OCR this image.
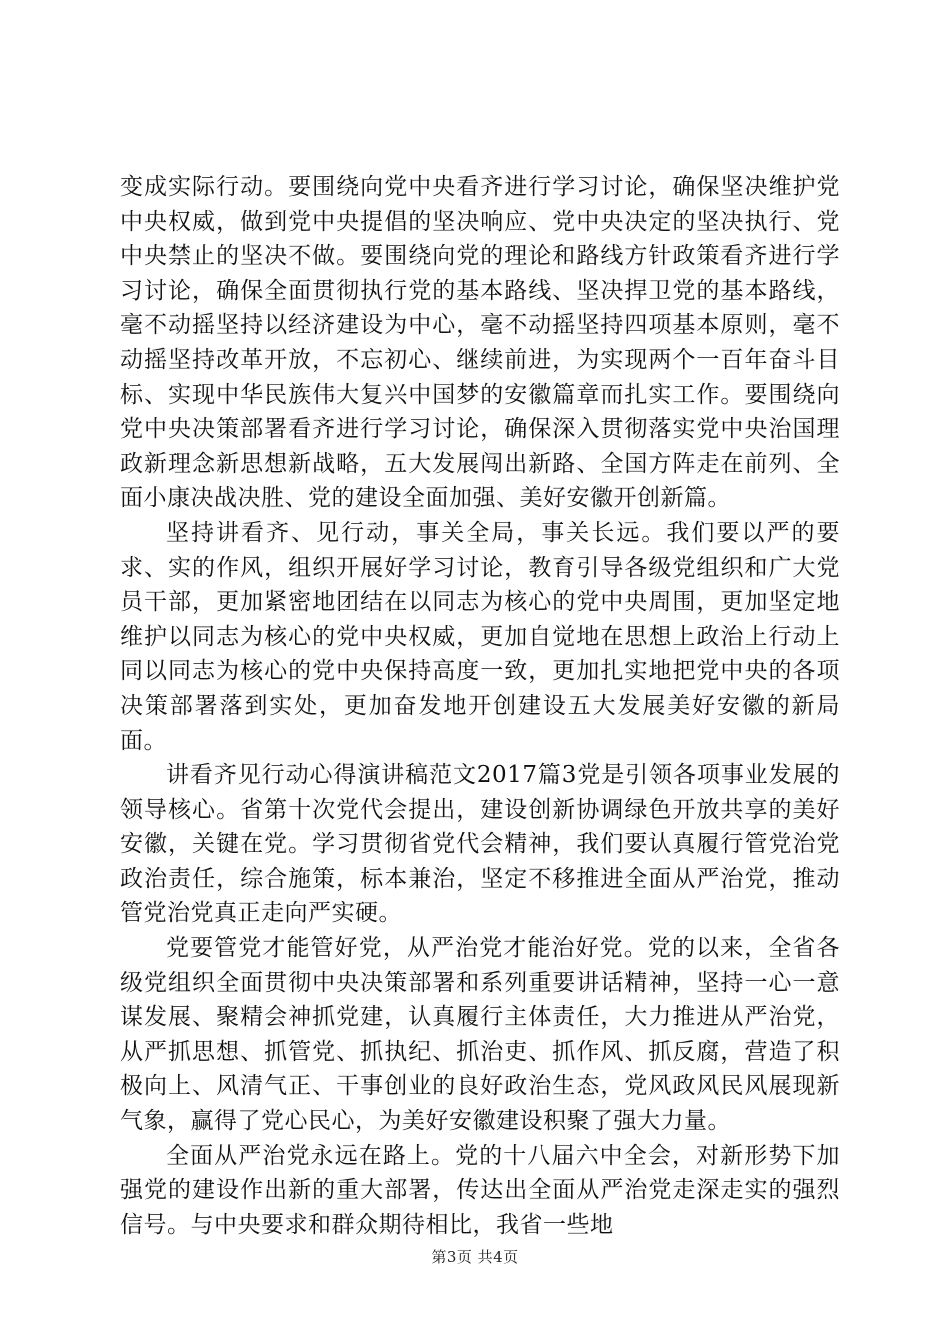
变成实际行动。要围绕向党中央看齐进行学习讨论，确保坚决维护党中央权威，做到党中央提倡的坚决响应、党中央决定的坚决执行、党中央禁止的坚决不做。要围绕向党的理论和路线方针政策看齐进行学习讨论，确保全面贯彻执行党的基本路线、坚决捍卫党的基本路线，毫不动摇坚持以经济建设为中心，毫不动摇坚持四项基本原则，毫不动摇坚持改革开放，不忘初心、继续前进，为实现两个一百年奋斗目标、实现中华民族伟大复兴中国梦的安徽篇章而扎实工作。要围绕向党中央决策部署看齐进行学习讨论，确保深入贯彻落实党中央治国理政新理念新思想新战略，五大发展闯出新路、全国方阵走在前列、全面小康决战决胜、党的建设全面加强、美好安徽开创新篇。

坚持讲看齐、见行动，事关全局，事关长远。我们要以严的要求、实的作风，组织开展好学习讨论，教育引导各级党组织和广大党员干部，更加紧密地团结在以同志为核心的党中央周围，更加坚定地维护以同志为核心的党中央权威，更加自觉地在思想上政治上行动上同以同志为核心的党中央保持高度一致，更加扎实地把党中央的各项决策部署落到实处，更加奋发地开创建设五大发展美好安徽的新局面。

讲看齐见行动心得演讲稿范文2017篇3党是引领各项事业发展的领导核心。省第十次党代会提出，建设创新协调绿色开放共享的美好安徽，关键在党。学习贯彻省党代会精神，我们要认真履行管党治党政治责任，综合施策，标本兼治，坚定不移推进全面从严治党，推动管党治党真正走向严实硬。

党要管党才能管好党，从严治党才能治好党。党的以来，全省各级党组织全面贯彻中央决策部署和系列重要讲话精神，坚持一心一意谋发展、聚精会神抓党建，认真履行主体责任，大力推进从严治党，从严抓思想、抓管党、抓执纪、抓治吏、抓作风、抓反腐，营造了积极向上、风清气正、干事创业的良好政治生态，党风政风民风展现新气象，赢得了党心民心，为美好安徽建设积聚了强大力量。

全面从严治党永远在路上。党的十八届六中全会，对新形势下加强党的建设作出新的重大部署，传达出全面从严治党走深走实的强烈信号。与中央要求和群众期待相比，我省一些地

第3页 共4页
